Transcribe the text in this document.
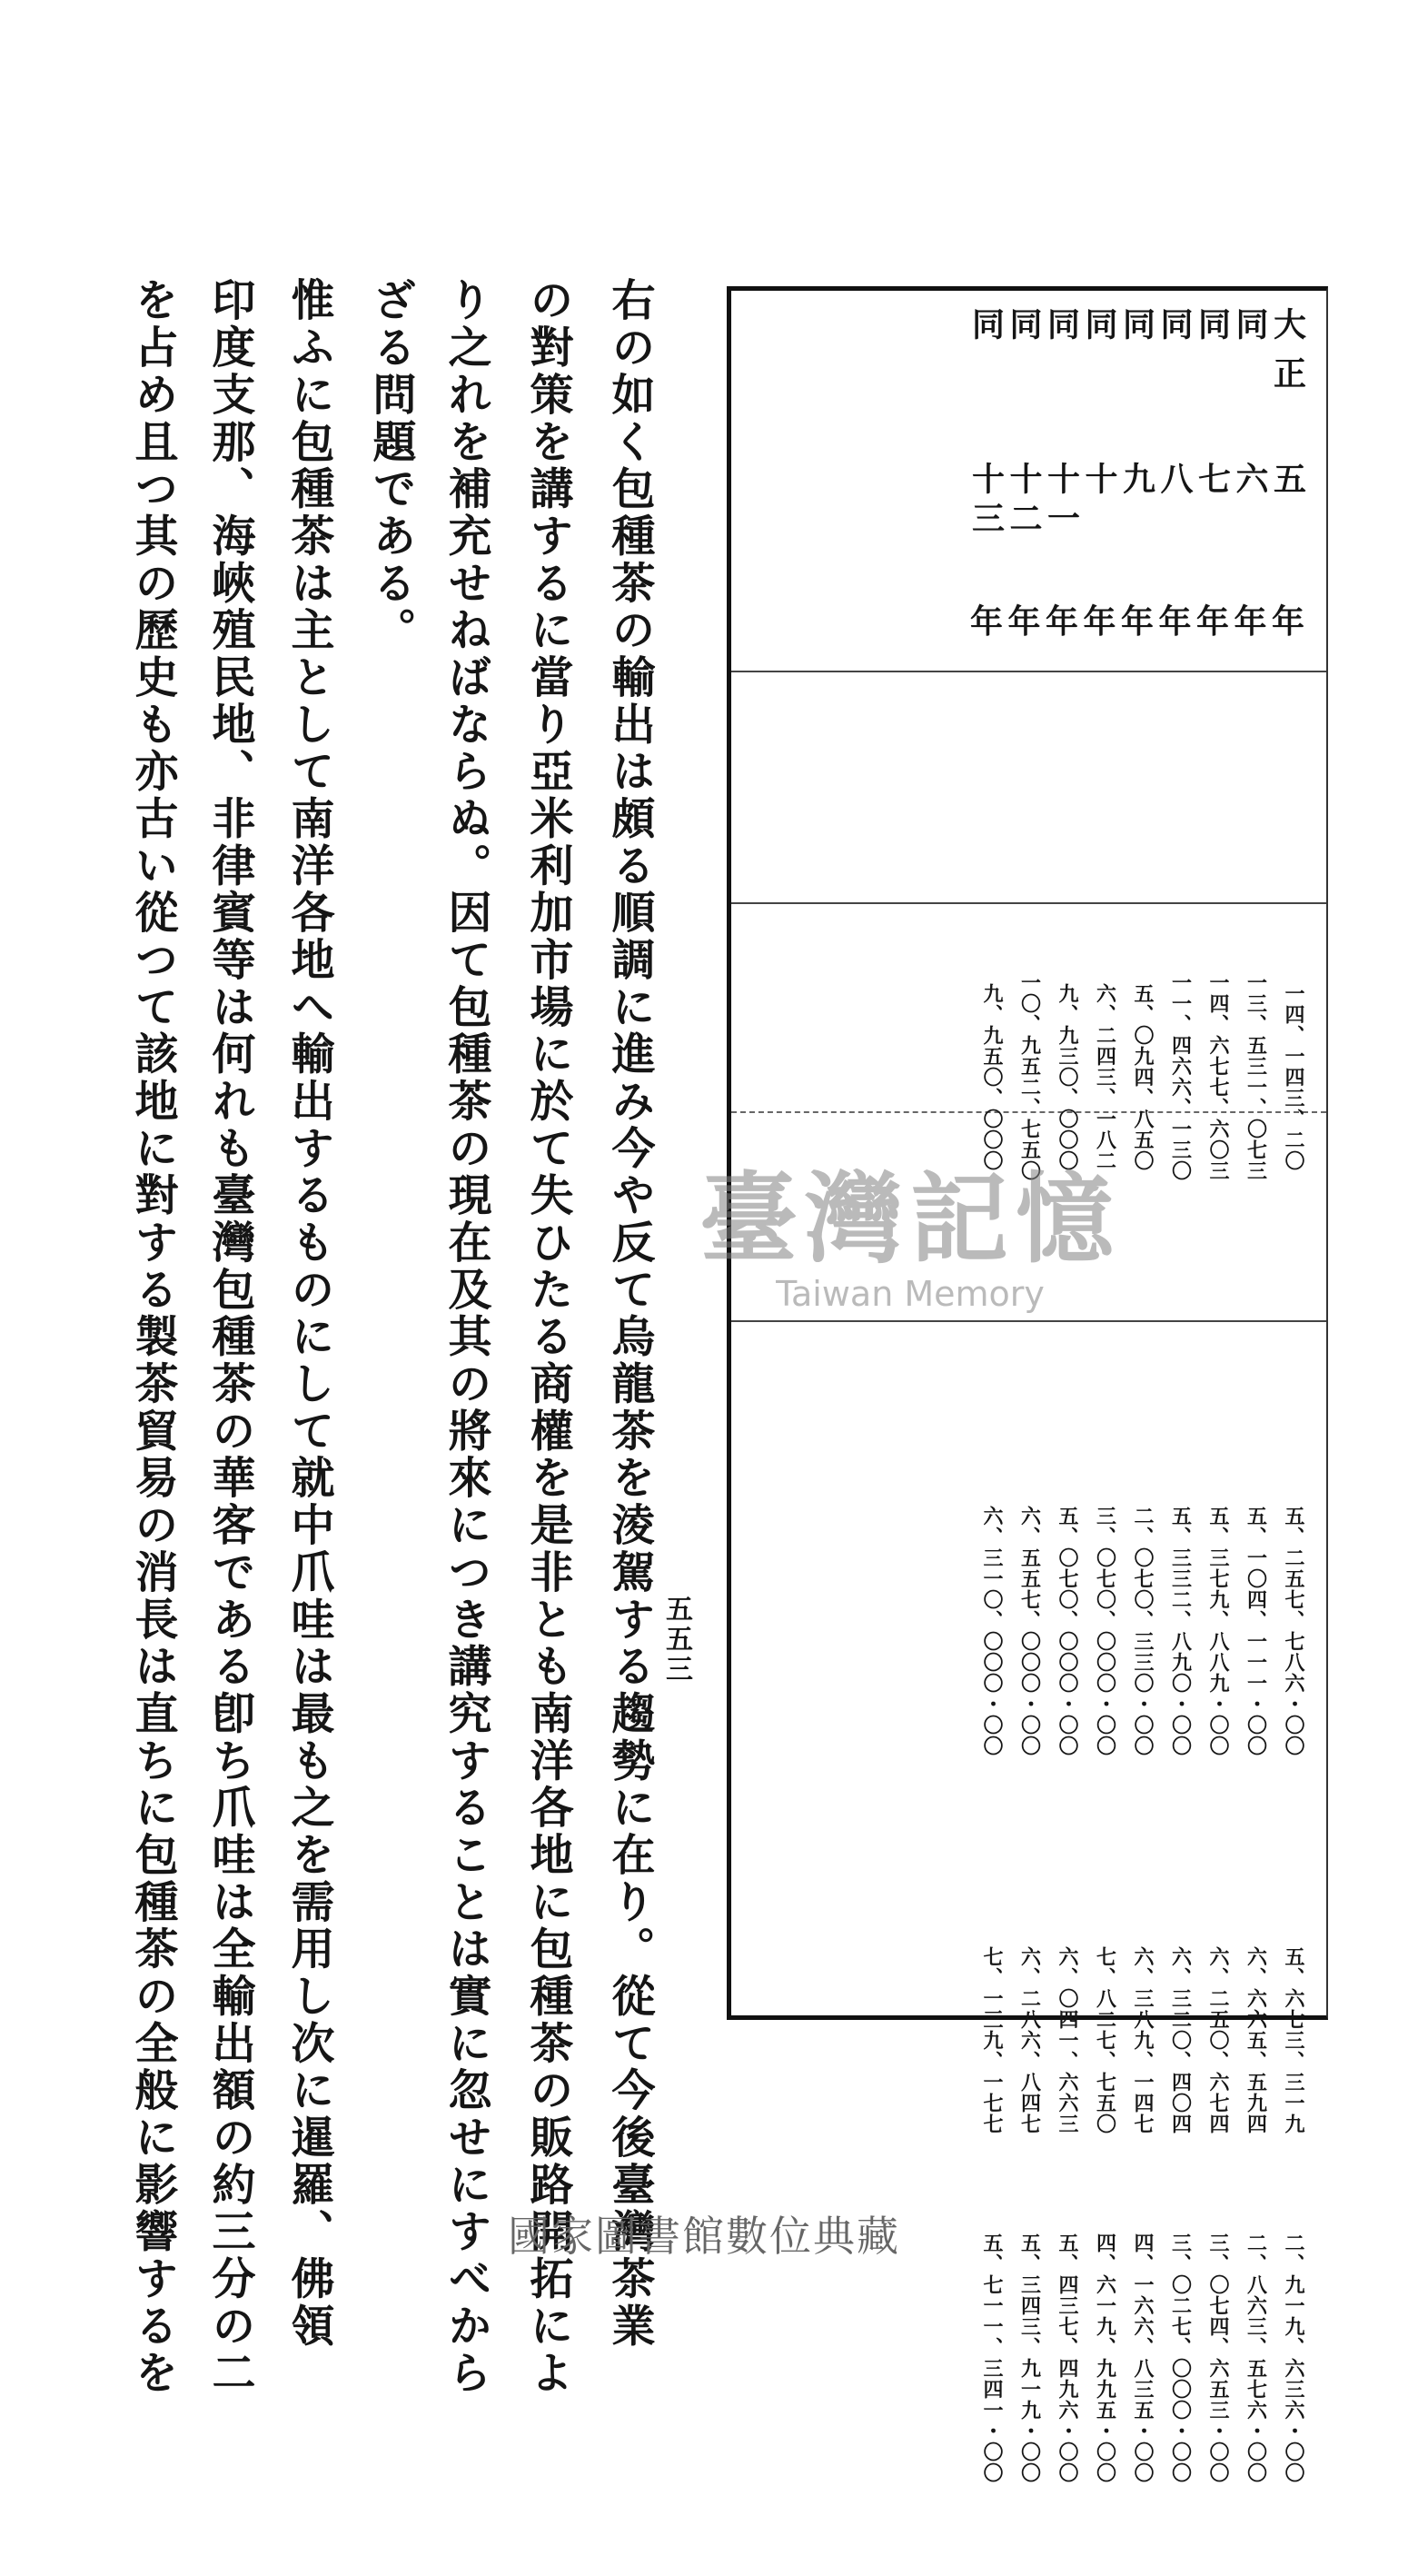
大正
五
年
一四、一四三、二〇
五、二五七、七八六・〇〇
五、六七三、三一九
二、九一九、六三六・〇〇
同
六
年
一三、五三一、〇七三
五、一〇四、一一一・〇〇
六、六六五、五九四
二、八六三、五七六・〇〇
同
七
年
一四、六七七、六〇三
五、三七九、八八九・〇〇
六、二五〇、六七四
三、〇七四、六五三・〇〇
同
八
年
一一、四六六、一三〇
五、三三二、八九〇・〇〇
六、三二〇、四〇四
三、〇二七、〇〇〇・〇〇
同
九
年
五、〇九四、八五〇
二、〇七〇、三三〇・〇〇
六、三八九、一四七
四、一六六、八三五・〇〇
同
十
年
六、二四三、一八二
三、〇七〇、〇〇〇・〇〇
七、八二七、七五〇
四、六一九、九九五・〇〇
同
十一
年
九、九三〇、〇〇〇
五、〇七〇、〇〇〇・〇〇
六、〇四一、六六三
五、四三七、四九六・〇〇
同
十二
年
一〇、九五二、七五〇
六、五五七、〇〇〇・〇〇
六、二八六、八四七
五、三四三、九一九・〇〇
同
十三
年
九、九五〇、〇〇〇
六、三一〇、〇〇〇・〇〇
七、一三九、一七七
五、七一一、三四一・〇〇
右の如く包種茶の輸出は頗る順調に進み今や反て烏龍茶を淩駕する趨勢に在り。從て今後臺灣茶業
の對策を講するに當り亞米利加市場に於て失ひたる商權を是非とも南洋各地に包種茶の販路開拓によ
り之れを補充せねばならぬ。因て包種茶の現在及其の將來につき講究することは實に忽せにすべから
ざる問題である。
惟ふに包種茶は主として南洋各地へ輸出するものにして就中爪哇は最も之を需用し次に暹羅、佛領
印度支那、海峽殖民地、非律賓等は何れも臺灣包種茶の華客である卽ち爪哇は全輸出額の約三分の二
を占め且つ其の歷史も亦古い從つて該地に對する製茶貿易の消長は直ちに包種茶の全般に影響するを	五五三
臺灣記憶
Taiwan Memory
國家圖書館數位典藏
